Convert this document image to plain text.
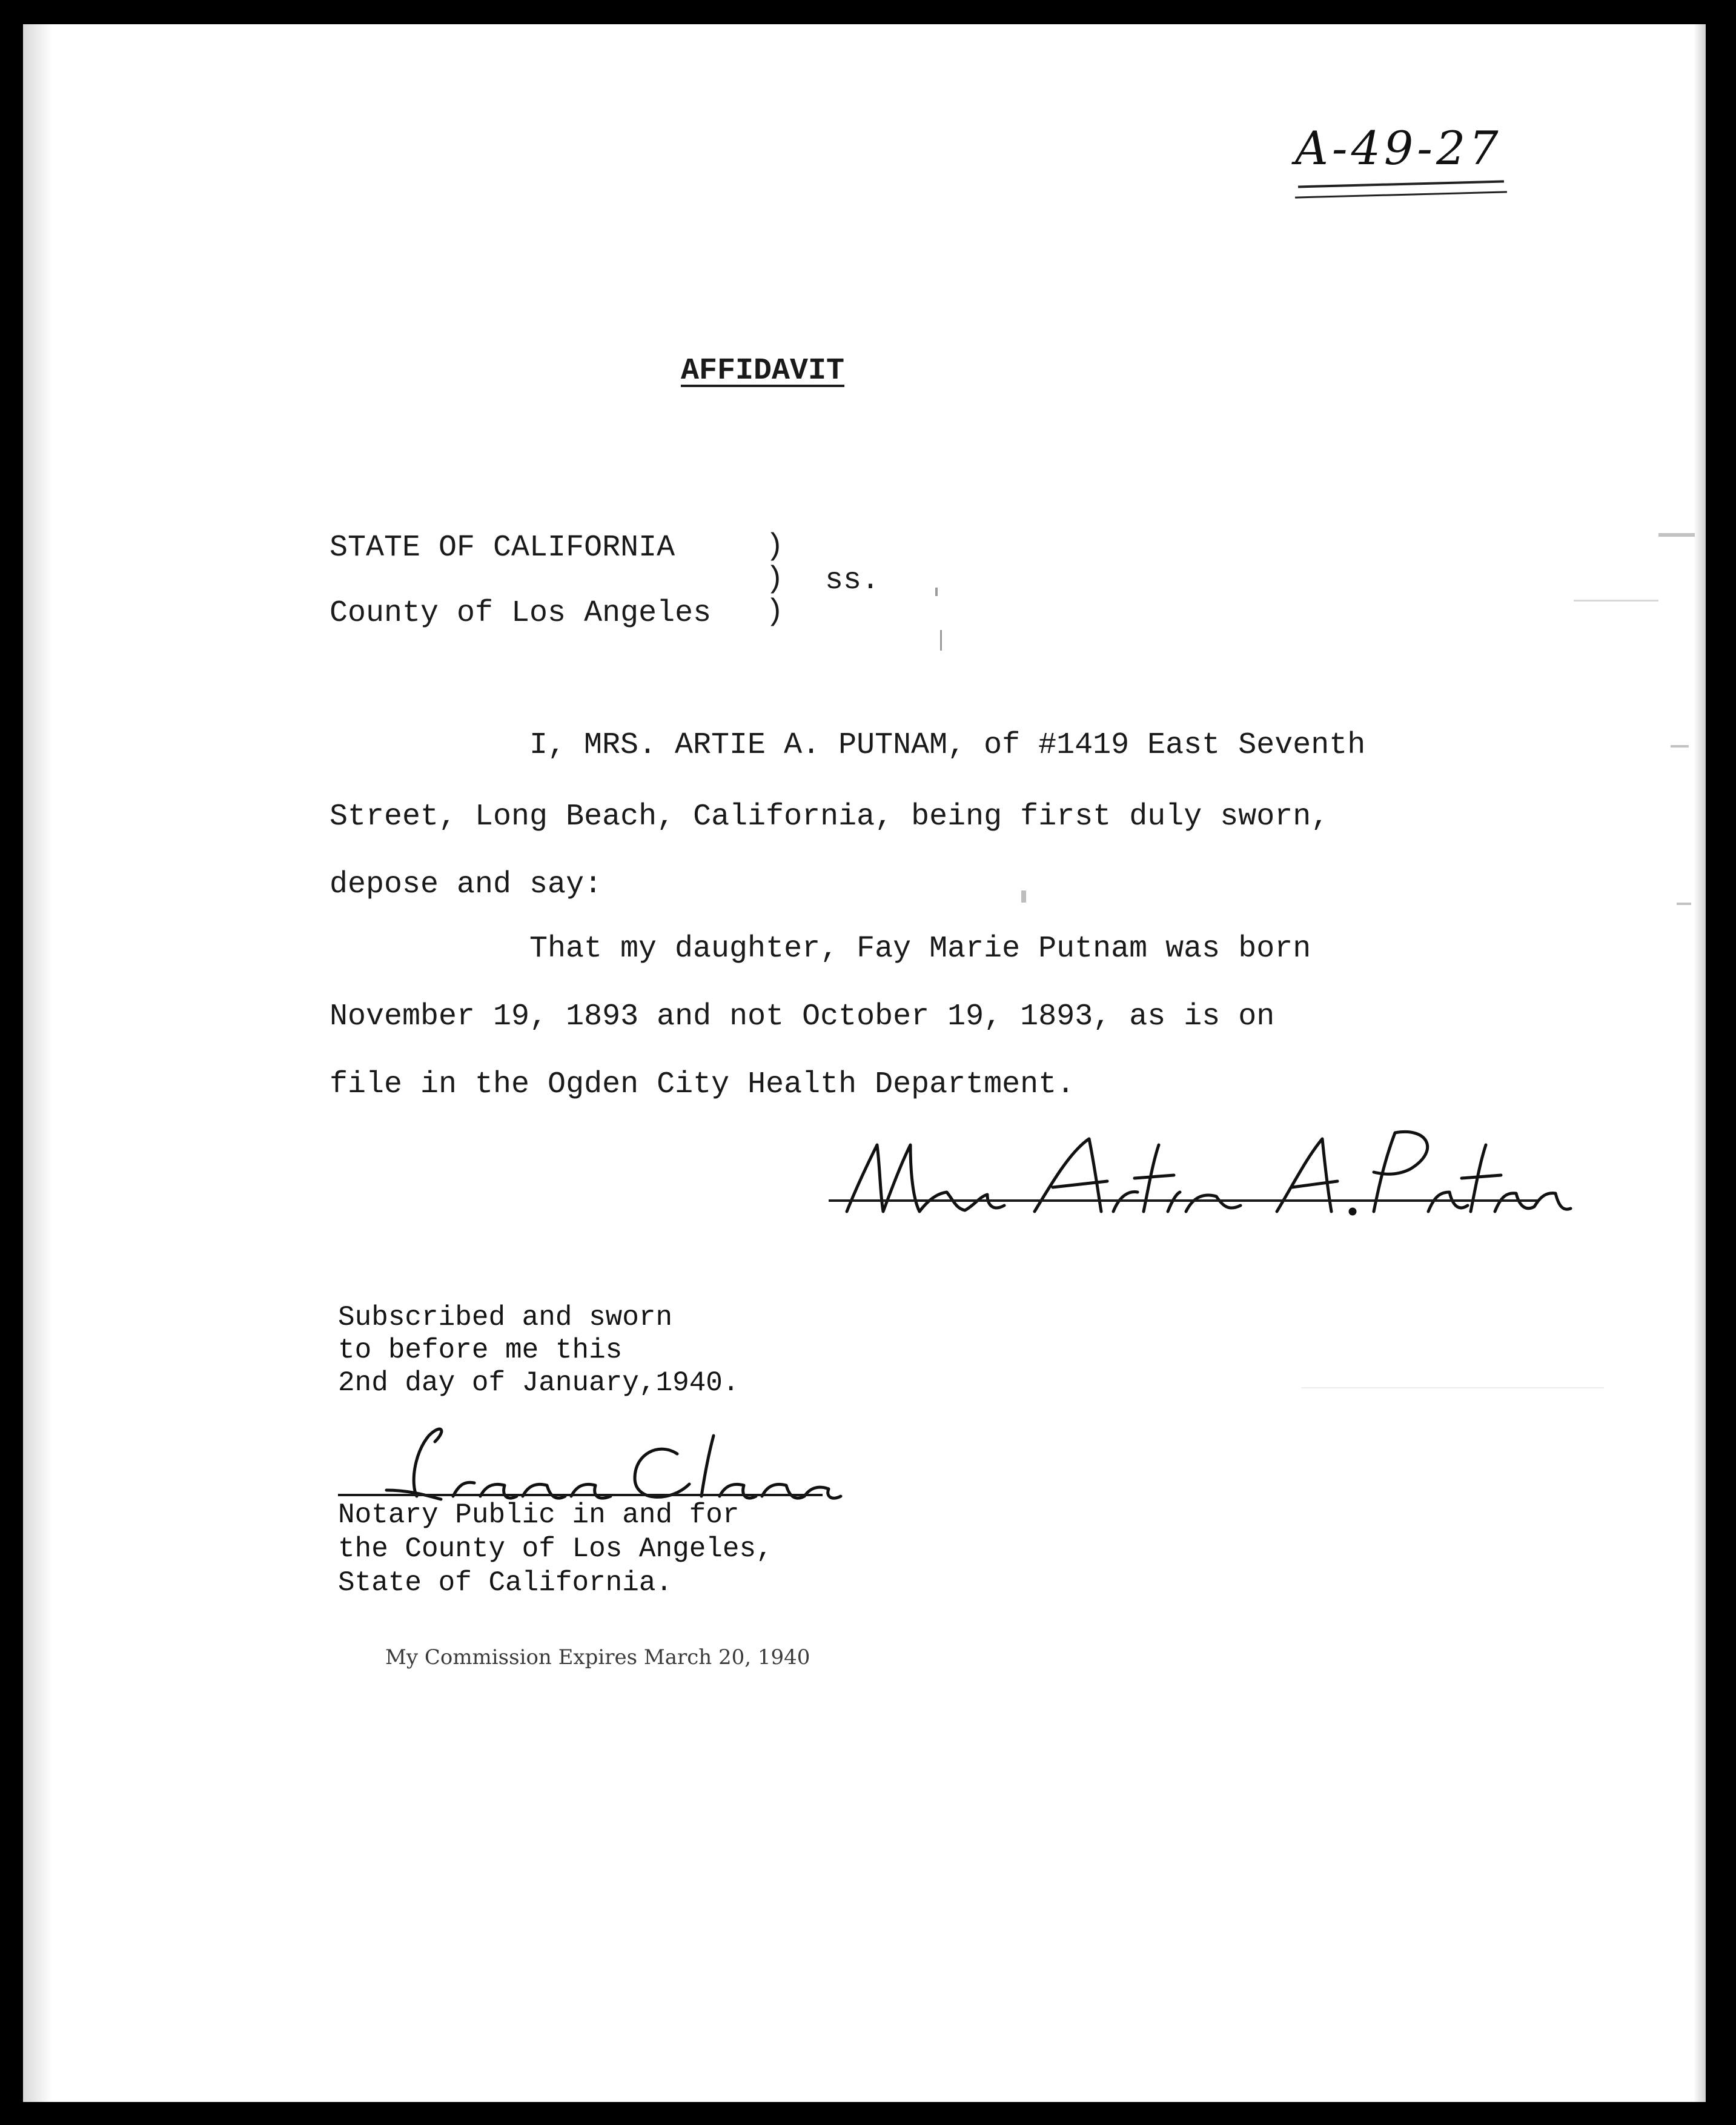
A-49-27

AFFIDAVIT

STATE OF CALIFORNIA

County of Los Angeles

)
)
)

ss.

I, MRS. ARTIE A. PUTNAM, of #1419 East Seventh

Street, Long Beach, California, being first duly sworn,

depose and say:

That my daughter, Fay Marie Putnam was born

November 19, 1893 and not October 19, 1893, as is on

file in the Ogden City Health Department.

Subscribed and sworn

to before me this

2nd day of January,1940.

Notary Public in and for

the County of Los Angeles,

State of California.

My Commission Expires March 20, 1940
